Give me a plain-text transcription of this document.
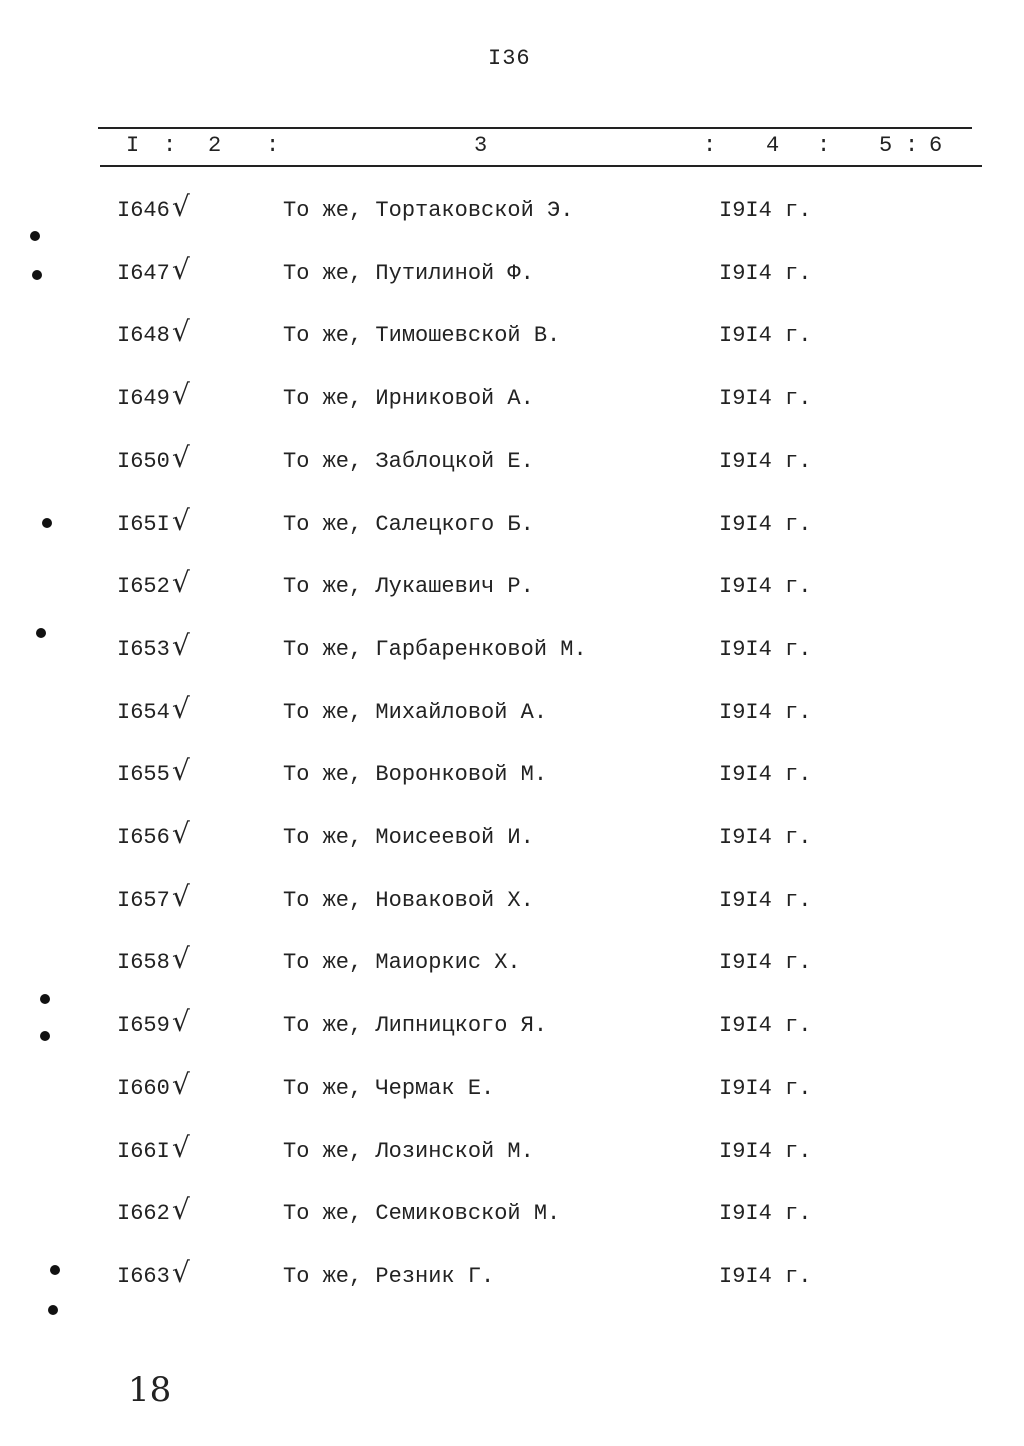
I36
I : 2 :	3	: 4 : 5 : 6
I646 √	То же, Тортаковской Э.	I9I4 г.
I647 √	То же, Путилиной Ф.	I9I4 г.
I648 √	То же, Тимошевской В.	I9I4 г.
I649 √	То же, Ирниковой А.	I9I4 г.
I650 √	То же, Заблоцкой Е.	I9I4 г.
I65I √	То же, Салецкого Б.	I9I4 г.
I652 √	То же, Лукашевич Р.	I9I4 г.
I653 √	То же, Гарбаренковой М.	I9I4 г.
I654 √	То же, Михайловой А.	I9I4 г.
I655 √	То же, Воронковой М.	I9I4 г.
I656 √	То же, Моисеевой И.	I9I4 г.
I657 √	То же, Новаковой Х.	I9I4 г.
I658 √	То же, Маиоркис Х.	I9I4 г.
I659 √	То же, Липницкого Я.	I9I4 г.
I660 √	То же, Чермак Е.	I9I4 г.
I66I √	То же, Лозинской М.	I9I4 г.
I662 √	То же, Семиковской М.	I9I4 г.
I663 √	То же, Резник Г.	I9I4 г.
18
